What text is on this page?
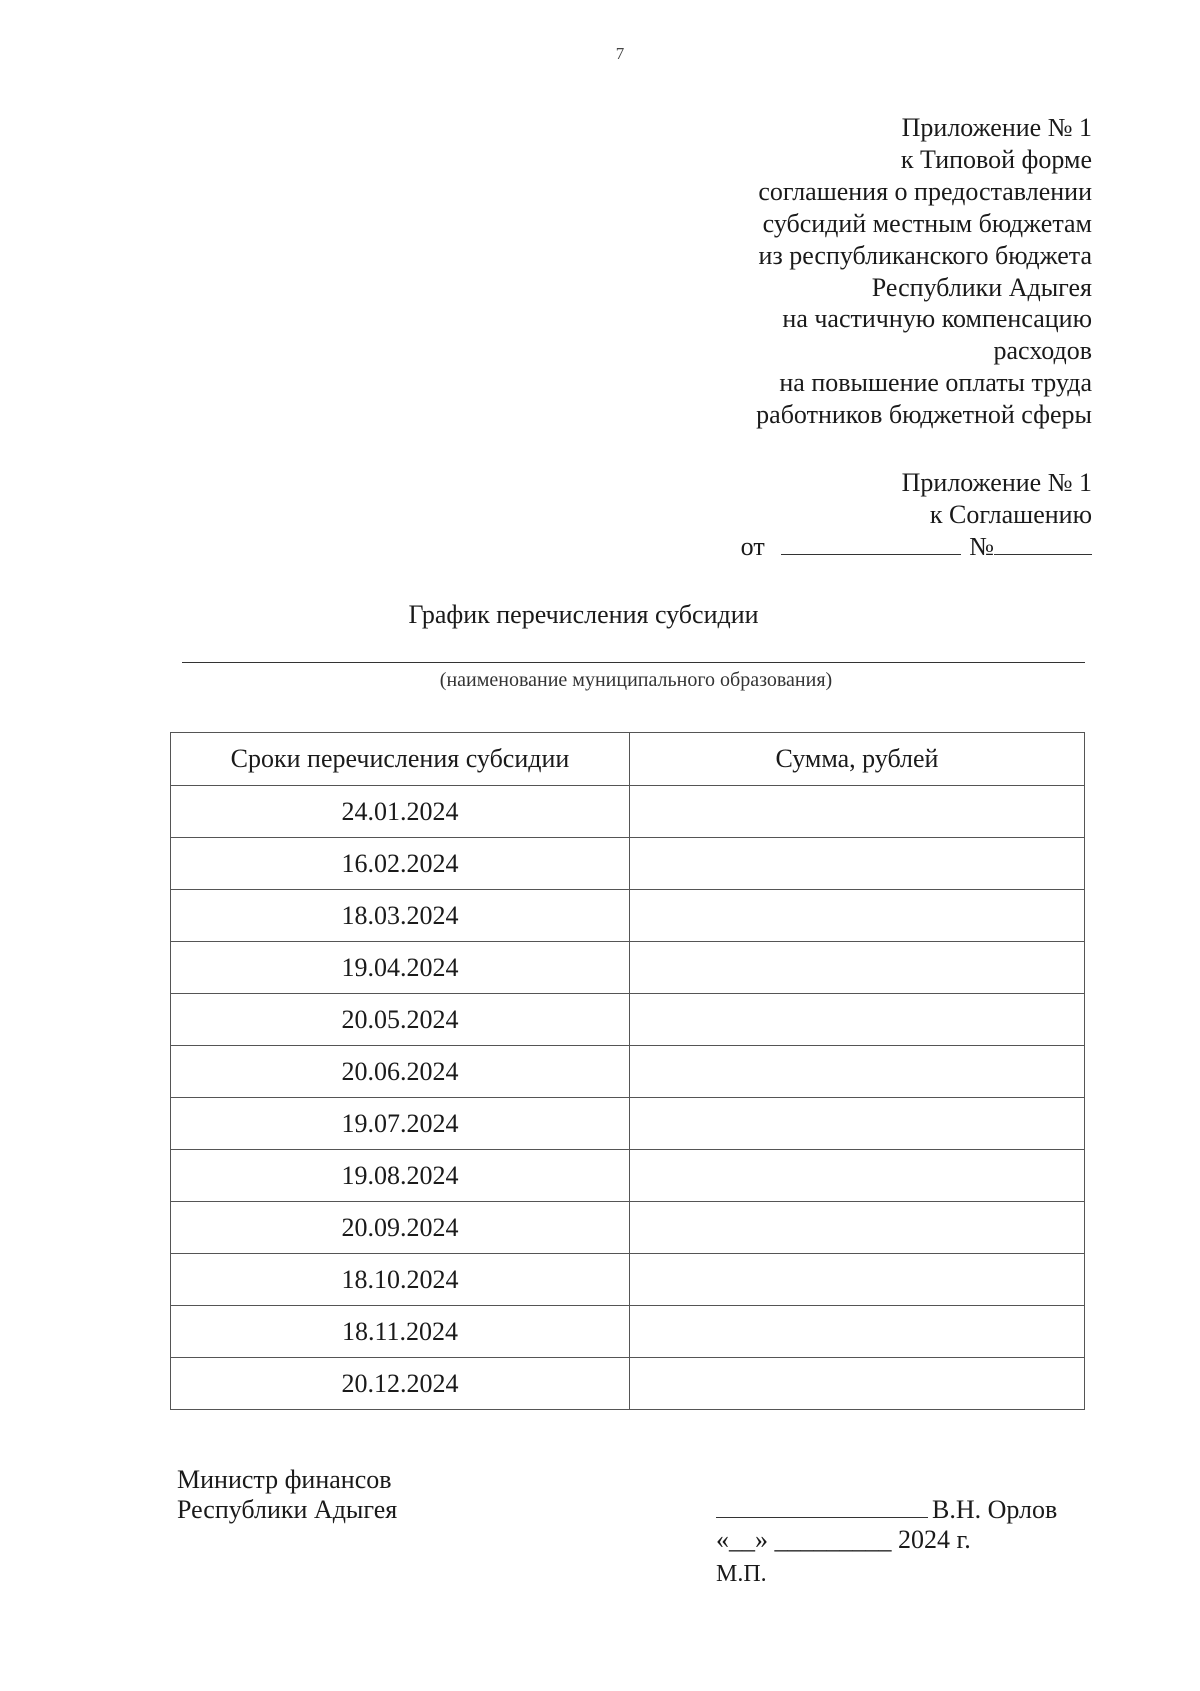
7
Приложение № 1
к Типовой форме
соглашения о предоставлении
субсидий местным бюджетам
из республиканского бюджета
Республики Адыгея
на частичную компенсацию
расходов
на повышение оплаты труда
работников бюджетной сферы
Приложение № 1
к Соглашению
от	№
График перечисления субсидии
(наименование муниципального образования)
Сроки перечисления субсидии	Сумма, рублей
24.01.2024	
16.02.2024	
18.03.2024	
19.04.2024	
20.05.2024	
20.06.2024	
19.07.2024	
19.08.2024	
20.09.2024	
18.10.2024	
18.11.2024	
20.12.2024	
Министр финансов
Республики Адыгея	В.Н. Орлов
«__» _________ 2024 г.
М.П.
